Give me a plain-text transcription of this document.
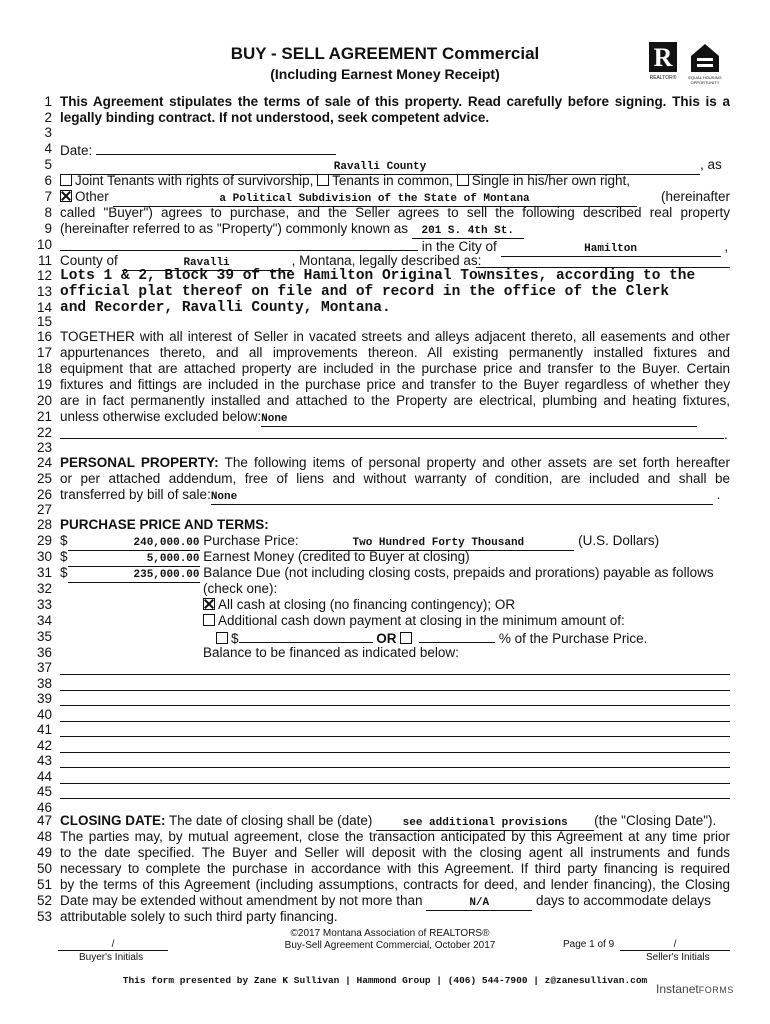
BUY - SELL AGREEMENT Commercial
(Including Earnest Money Receipt)
R
REALTOR®	EQUAL HOUSING OPPORTUNITY
1
2
3
4
5
6
7
8
9
10
11
12
13
14
15
16
17
18
19
20
21
22
23
24
25
26
27
28
29
30
31
32
33
34
35
36
37
38
39
40
41
42
43
44
45
46
47
48
49
50
51
52
53
This Agreement stipulates the terms of sale of this property. Read carefully before signing. This is a
legally binding contract. If not understood, seek competent advice.
Date:
Ravalli County	, as
Joint Tenants with rights of survivorship, Tenants in common, Single in his/her own right,
Other	a Political Subdivision of the State of Montana	(hereinafter
called "Buyer") agrees to purchase, and the Seller agrees to sell the following described real property
(hereinafter referred to as "Property") commonly known as 201 S. 4th St.
in the City of	Hamilton	,
County of	Ravalli	, Montana, legally described as:
Lots 1 & 2, Block 39 of the Hamilton Original Townsites, according to the
official plat thereof on file and of record in the office of the Clerk
and Recorder, Ravalli County, Montana.
TOGETHER with all interest of Seller in vacated streets and alleys adjacent thereto, all easements and other
appurtenances thereto, and all improvements thereon. All existing permanently installed fixtures and
equipment that are attached property are included in the purchase price and transfer to the Buyer. Certain
fixtures and fittings are included in the purchase price and transfer to the Buyer regardless of whether they
are in fact permanently installed and attached to the Property are electrical, plumbing and heating fixtures,
unless otherwise excluded below:None
.
PERSONAL PROPERTY: The following items of personal property and other assets are set forth hereafter
or per attached addendum, free of liens and without warranty of condition, are included and shall be
transferred by bill of sale:None	.
PURCHASE PRICE AND TERMS:
$	240,000.00 Purchase Price:	Two Hundred Forty Thousand	(U.S. Dollars)
$	5,000.00 Earnest Money (credited to Buyer at closing)
$	235,000.00 Balance Due (not including closing costs, prepaids and prorations) payable as follows
(check one):
All cash at closing (no financing contingency); OR
Additional cash down payment at closing in the minimum amount of:
$	OR	% of the Purchase Price.
Balance to be financed as indicated below:
CLOSING DATE: The date of closing shall be (date)	see additional provisions (the "Closing Date").
The parties may, by mutual agreement, close the transaction anticipated by this Agreement at any time prior
to the date specified. The Buyer and Seller will deposit with the closing agent all instruments and funds
necessary to complete the purchase in accordance with this Agreement. If third party financing is required
by the terms of this Agreement (including assumptions, contracts for deed, and lender financing), the Closing
Date may be extended without amendment by not more than	N/A	days to accommodate delays
attributable solely to such third party financing.
©2017 Montana Association of REALTORS®
Buy-Sell Agreement Commercial, October 2017	Page 1 of 9
/
Buyer's Initials
/
Seller's Initials
This form presented by Zane K Sullivan | Hammond Group | (406) 544-7900 | z@zanesullivan.com
InstanetFORMS
